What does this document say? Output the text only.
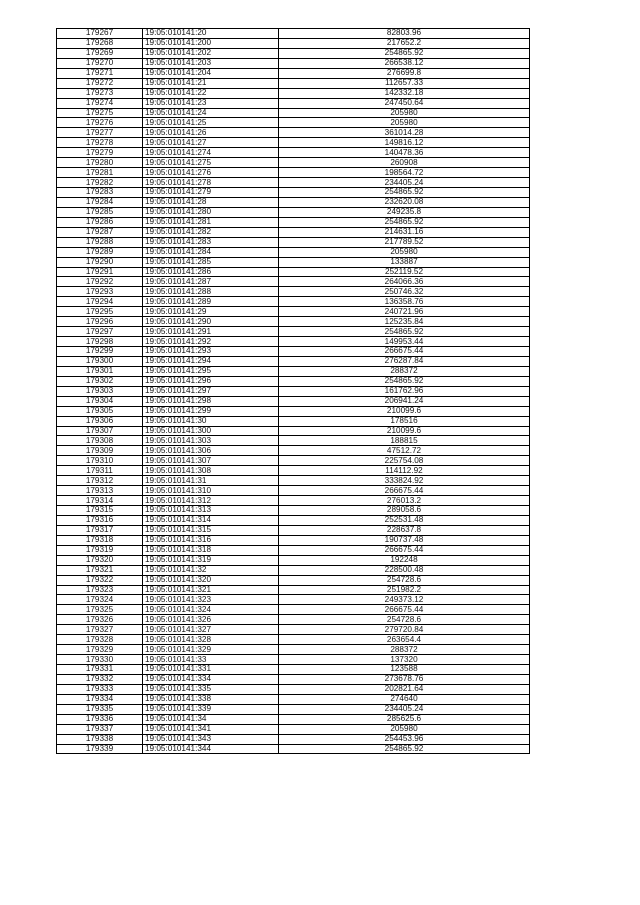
179267	19:05:010141:20	82803.96
179268	19:05:010141:200	217652.2
179269	19:05:010141:202	254865.92
179270	19:05:010141:203	266538.12
179271	19:05:010141:204	276699.8
179272	19:05:010141:21	112657.33
179273	19:05:010141:22	142332.18
179274	19:05:010141:23	247450.64
179275	19:05:010141:24	205980
179276	19:05:010141:25	205980
179277	19:05:010141:26	361014.28
179278	19:05:010141:27	149816.12
179279	19:05:010141:274	140478.36
179280	19:05:010141:275	260908
179281	19:05:010141:276	198564.72
179282	19:05:010141:278	234405.24
179283	19:05:010141:279	254865.92
179284	19:05:010141:28	232620.08
179285	19:05:010141:280	249235.8
179286	19:05:010141:281	254865.92
179287	19:05:010141:282	214631.16
179288	19:05:010141:283	217789.52
179289	19:05:010141:284	205980
179290	19:05:010141:285	133887
179291	19:05:010141:286	252119.52
179292	19:05:010141:287	264066.36
179293	19:05:010141:288	250746.32
179294	19:05:010141:289	136358.76
179295	19:05:010141:29	240721.96
179296	19:05:010141:290	125235.84
179297	19:05:010141:291	254865.92
179298	19:05:010141:292	149953.44
179299	19:05:010141:293	266675.44
179300	19:05:010141:294	276287.84
179301	19:05:010141:295	288372
179302	19:05:010141:296	254865.92
179303	19:05:010141:297	161762.96
179304	19:05:010141:298	206941.24
179305	19:05:010141:299	210099.6
179306	19:05:010141:30	178516
179307	19:05:010141:300	210099.6
179308	19:05:010141:303	188815
179309	19:05:010141:306	47512.72
179310	19:05:010141:307	225754.08
179311	19:05:010141:308	114112.92
179312	19:05:010141:31	333824.92
179313	19:05:010141:310	266675.44
179314	19:05:010141:312	276013.2
179315	19:05:010141:313	289058.6
179316	19:05:010141:314	252531.48
179317	19:05:010141:315	228637.8
179318	19:05:010141:316	190737.48
179319	19:05:010141:318	266675.44
179320	19:05:010141:319	192248
179321	19:05:010141:32	228500.48
179322	19:05:010141:320	254728.6
179323	19:05:010141:321	251982.2
179324	19:05:010141:323	249373.12
179325	19:05:010141:324	266675.44
179326	19:05:010141:326	254728.6
179327	19:05:010141:327	279720.84
179328	19:05:010141:328	263654.4
179329	19:05:010141:329	288372
179330	19:05:010141:33	137320
179331	19:05:010141:331	123588
179332	19:05:010141:334	273678.76
179333	19:05:010141:335	202821.64
179334	19:05:010141:338	274640
179335	19:05:010141:339	234405.24
179336	19:05:010141:34	285625.6
179337	19:05:010141:341	205980
179338	19:05:010141:343	254453.96
179339	19:05:010141:344	254865.92
